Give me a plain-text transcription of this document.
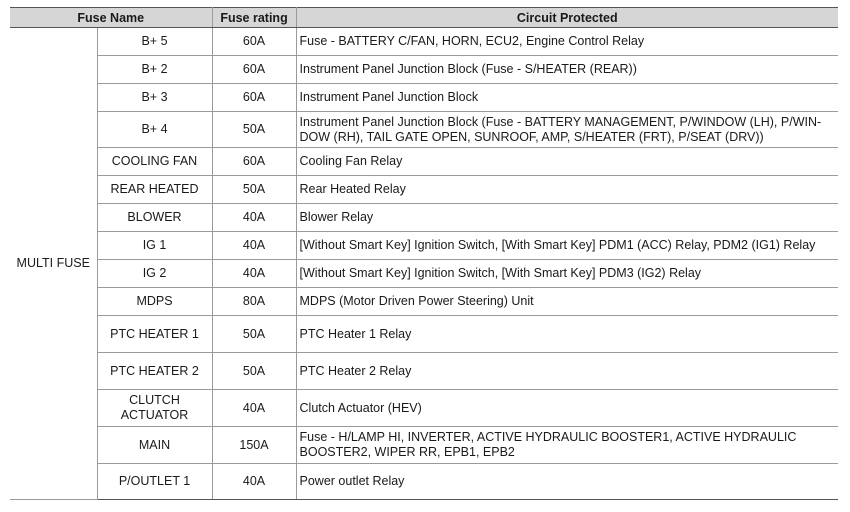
Fuse Name		Fuse rating	Circuit Protected
MULTI FUSE	B+ 5	60A	Fuse - BATTERY C/FAN, HORN, ECU2, Engine Control Relay
	B+ 2	60A	Instrument Panel Junction Block (Fuse - S/HEATER (REAR))
	B+ 3	60A	Instrument Panel Junction Block
	B+ 4	50A	Instrument Panel Junction Block (Fuse - BATTERY MANAGEMENT, P/WINDOW (LH), P/WIN-DOW (RH), TAIL GATE OPEN, SUNROOF, AMP, S/HEATER (FRT), P/SEAT (DRV))
	COOLING FAN	60A	Cooling Fan Relay
	REAR HEATED	50A	Rear Heated Relay
	BLOWER	40A	Blower Relay
	IG 1	40A	[Without Smart Key] Ignition Switch, [With Smart Key] PDM1 (ACC) Relay, PDM2 (IG1) Relay
	IG 2	40A	[Without Smart Key] Ignition Switch, [With Smart Key] PDM3 (IG2) Relay
	MDPS	80A	MDPS (Motor Driven Power Steering) Unit
	PTC HEATER 1	50A	PTC Heater 1 Relay
	PTC HEATER 2	50A	PTC Heater 2 Relay
	CLUTCH ACTUATOR	40A	Clutch Actuator (HEV)
	MAIN	150A	Fuse - H/LAMP HI, INVERTER, ACTIVE HYDRAULIC BOOSTER1, ACTIVE HYDRAULIC BOOSTER2, WIPER RR, EPB1, EPB2
	P/OUTLET 1	40A	Power outlet Relay
